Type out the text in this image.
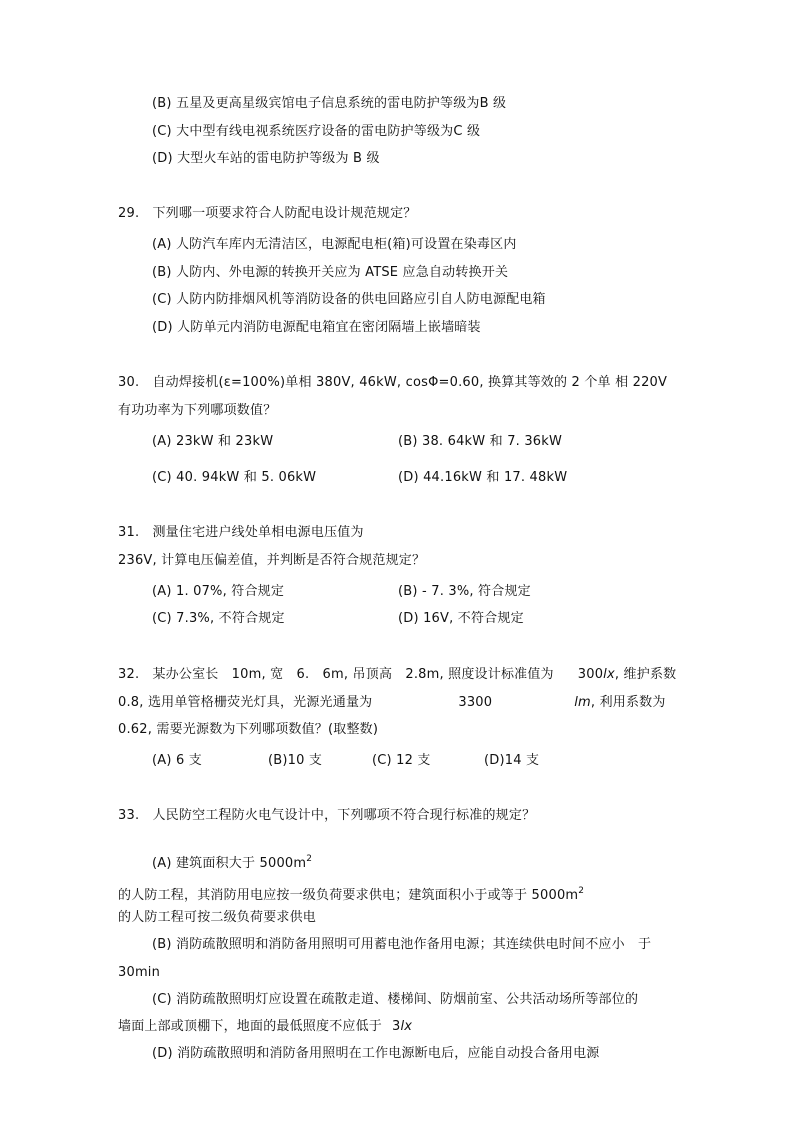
(B) 五星及更高星级宾馆电子信息系统的雷电防护等级为B 级
(C) 大中型有线电视系统医疗设备的雷电防护等级为C 级
(D) 大型火车站的雷电防护等级为 B 级
29.　下列哪一项要求符合人防配电设计规范规定？
(A) 人防汽车库内无清洁区，电源配电柜(箱)可设置在染毒区内
(B) 人防内、外电源的转换开关应为 ATSE 应急自动转换开关
(C) 人防内防排烟风机等消防设备的供电回路应引自人防电源配电箱
(D) 人防单元内消防电源配电箱宜在密闭隔墙上嵌墙暗装
30.　自动焊接机(ε=100%)单相 380V, 46kW, cosΦ=0.60, 换算其等效的 2 个单 相 220V
有功功率为下列哪项数值？
(A) 23kW 和 23kW	(B) 38. 64kW 和 7. 36kW
(C) 40. 94kW 和 5. 06kW	(D) 44.16kW 和 17. 48kW
31.　测量住宅进户线处单相电源电压值为
236V, 计算电压偏差值，并判断是否符合规范规定？
(A) 1. 07%, 符合规定	(B) - 7. 3%, 符合规定
(C) 7.3%, 不符合规定	(D) 16V, 不符合规定
32.　某办公室长　10m, 宽　6.　6m, 吊顶高　2.8m, 照度设计标准值为 300lx, 维护系数
0.8, 选用单管格栅荧光灯具，光源光通量为	3300	lm, 利用系数为
0.62, 需要光源数为下列哪项数值？(取整数)
(A) 6 支	(B)10 支	(C) 12 支	(D)14 支
33.　人民防空工程防火电气设计中，下列哪项不符合现行标准的规定？
(A) 建筑面积大于 $5000m^2$
的人防工程，其消防用电应按一级负荷要求供电；建筑面积小于或等于 $5000m^2$
的人防工程可按二级负荷要求供电
(B) 消防疏散照明和消防备用照明可用蓄电池作备用电源；其连续供电时间不应小　于
30min
(C) 消防疏散照明灯应设置在疏散走道、楼梯间、防烟前室、公共活动场所等部位的
墙面上部或顶棚下，地面的最低照度不应低于 3lx
(D) 消防疏散照明和消防备用照明在工作电源断电后，应能自动投合备用电源
